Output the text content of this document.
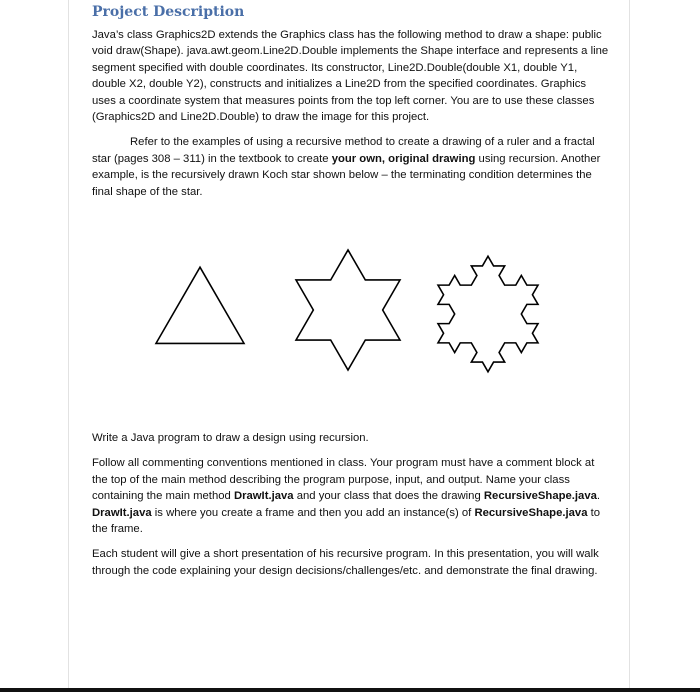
Project Description

Java’s class Graphics2D extends the Graphics class has the following method to draw a shape: public void draw(Shape). java.awt.geom.Line2D.Double implements the Shape interface and represents a line segment specified with double coordinates. Its constructor, Line2D.Double(double X1, double Y1, double X2, double Y2), constructs and initializes a Line2D from the specified coordinates. Graphics uses a coordinate system that measures points from the top left corner. You are to use these classes (Graphics2D and Line2D.Double) to draw the image for this project.

Refer to the examples of using a recursive method to create a drawing of a ruler and a fractal star (pages 308 – 311) in the textbook to create your own, original drawing using recursion. Another example, is the recursively drawn Koch star shown below – the terminating condition determines the final shape of the star.

Write a Java program to draw a design using recursion.

Follow all commenting conventions mentioned in class. Your program must have a comment block at the top of the main method describing the program purpose, input, and output. Name your class containing the main method DrawIt.java and your class that does the drawing RecursiveShape.java. DrawIt.java is where you create a frame and then you add an instance(s) of RecursiveShape.java to the frame.

Each student will give a short presentation of his recursive program. In this presentation, you will walk through the code explaining your design decisions/challenges/etc. and demonstrate the final drawing.
